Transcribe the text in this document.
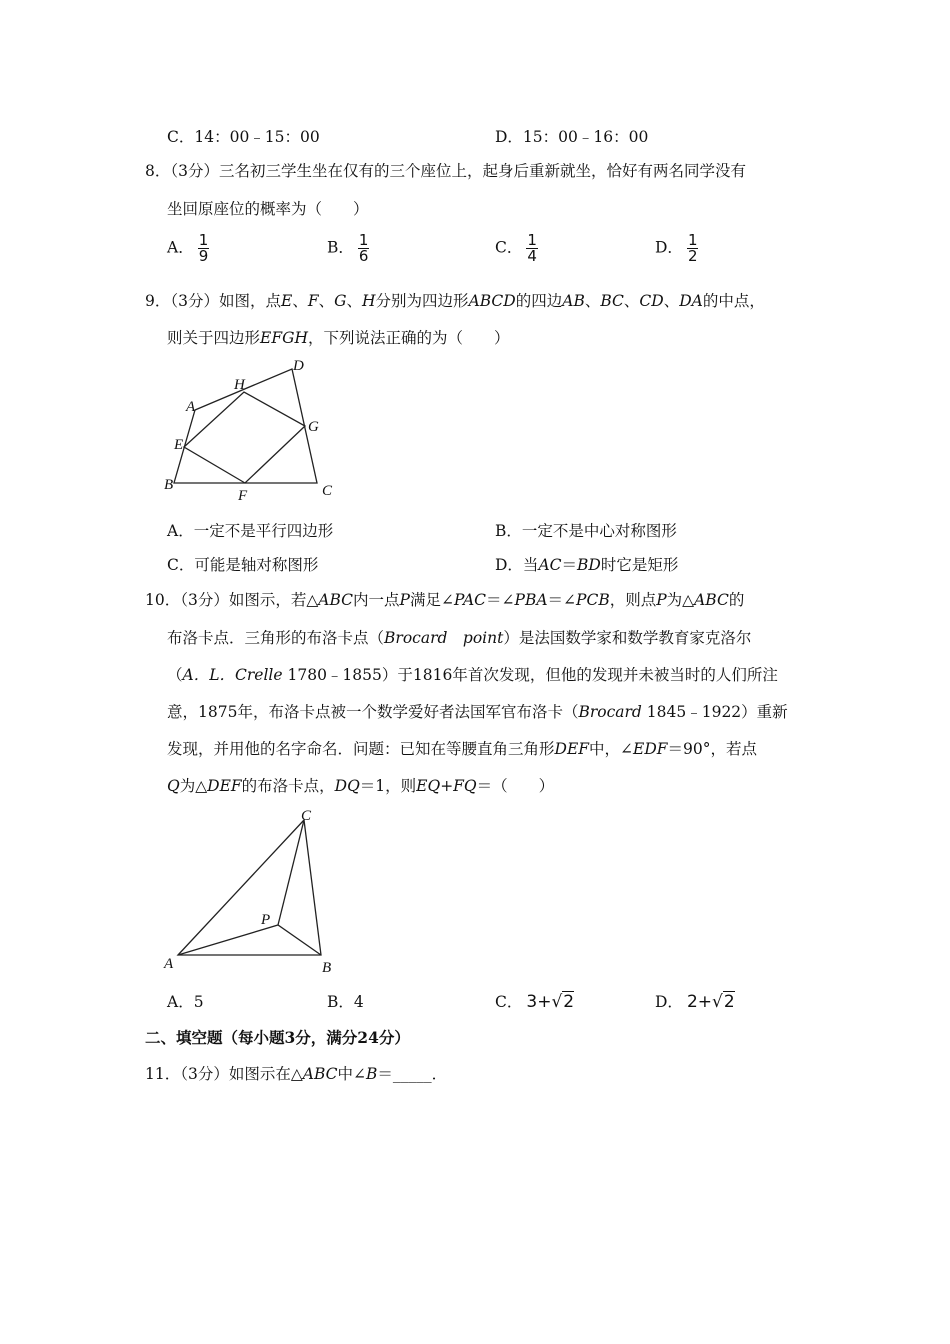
C．14：00﹣15：00	D．15：00﹣16：00
8．（3分）三名初三学生坐在仅有的三个座位上，起身后重新就坐，恰好有两名同学没有
坐回原座位的概率为（　　）
A． $\frac{1}{9}$	B． $\frac{1}{6}$	C． $\frac{1}{4}$	D． $\frac{1}{2}$
9．（3分）如图，点E、F、G、H分别为四边形ABCD的四边AB、BC、CD、DA的中点，
则关于四边形EFGH，下列说法正确的为（　　）
A
B	C
D
E
F
G
H
A．一定不是平行四边形	B．一定不是中心对称图形
C．可能是轴对称图形	D．当AC＝BD时它是矩形
10．（3分）如图示，若△ABC内一点P满足∠PAC＝∠PBA＝∠PCB，则点P为△ABC的
布洛卡点．三角形的布洛卡点（Brocard　point）是法国数学家和数学教育家克洛尔
（A．L．Crelle 1780﹣1855）于1816年首次发现，但他的发现并未被当时的人们所注
意，1875年，布洛卡点被一个数学爱好者法国军官布洛卡（Brocard 1845﹣1922）重新
发现，并用他的名字命名．问题：已知在等腰直角三角形DEF中，∠EDF＝90°，若点
Q为△DEF的布洛卡点，DQ＝1，则EQ+FQ＝（　　）
A	B
C
P
A．5	B．4	C． 3+√2	D． 2+√2
二、填空题（每小题3分，满分24分）
11．（3分）如图示在△ABC中∠B＝_____．
